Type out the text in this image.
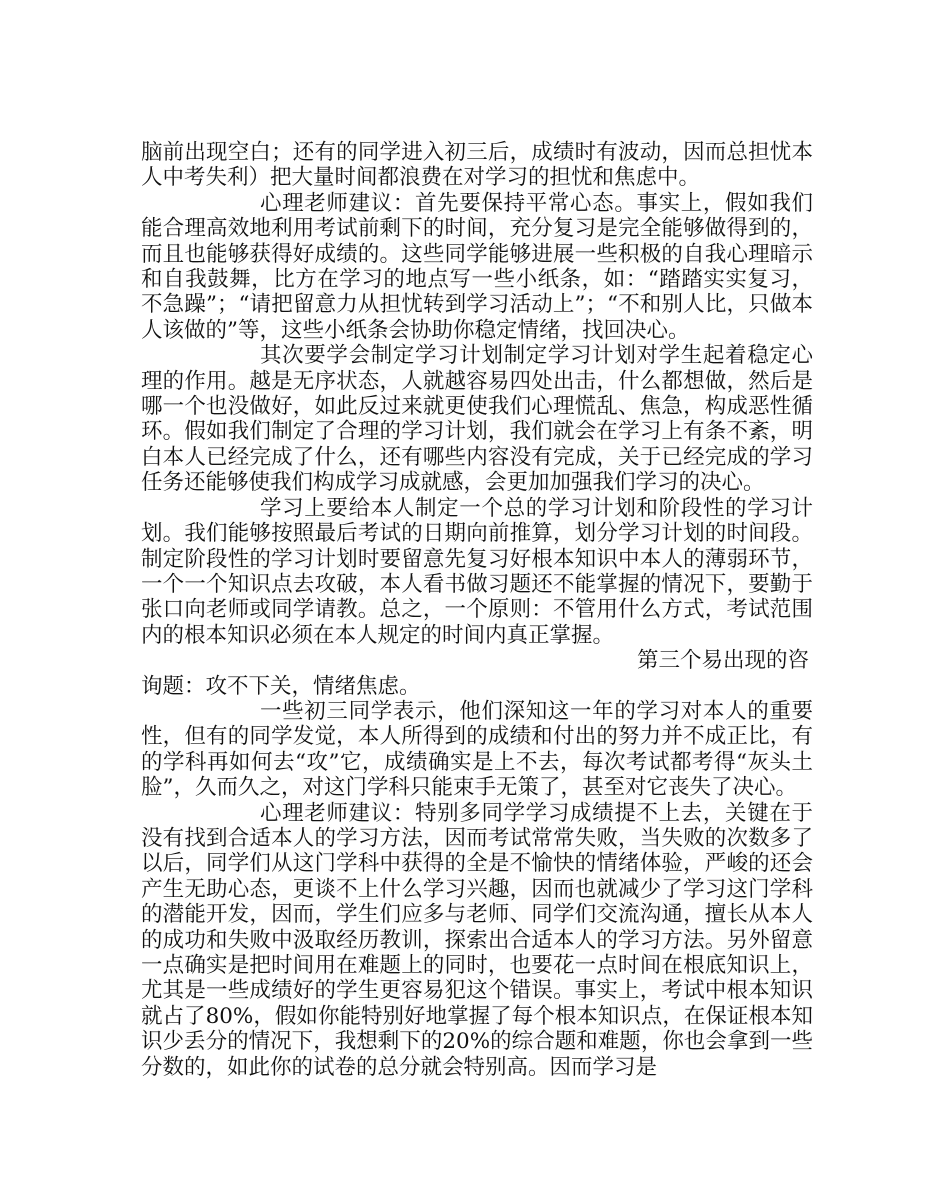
脑前出现空白；还有的同学进入初三后，成绩时有波动，因而总担忧本人中考失利）把大量时间都浪费在对学习的担忧和焦虑中。

心理老师建议：首先要保持平常心态。事实上，假如我们能合理高效地利用考试前剩下的时间，充分复习是完全能够做得到的，而且也能够获得好成绩的。这些同学能够进展一些积极的自我心理暗示和自我鼓舞，比方在学习的地点写一些小纸条，如：“踏踏实实复习，不急躁”；“请把留意力从担忧转到学习活动上”；“不和别人比，只做本人该做的”等，这些小纸条会协助你稳定情绪，找回决心。

其次要学会制定学习计划制定学习计划对学生起着稳定心理的作用。越是无序状态，人就越容易四处出击，什么都想做，然后是哪一个也没做好，如此反过来就更使我们心理慌乱、焦急，构成恶性循环。假如我们制定了合理的学习计划，我们就会在学习上有条不紊，明白本人已经完成了什么，还有哪些内容没有完成，关于已经完成的学习任务还能够使我们构成学习成就感，会更加加强我们学习的决心。

学习上要给本人制定一个总的学习计划和阶段性的学习计划。我们能够按照最后考试的日期向前推算，划分学习计划的时间段。制定阶段性的学习计划时要留意先复习好根本知识中本人的薄弱环节，一个一个知识点去攻破，本人看书做习题还不能掌握的情况下，要勤于张口向老师或同学请教。总之，一个原则：不管用什么方式，考试范围内的根本知识必须在本人规定的时间内真正掌握。

第三个易出现的咨

询题：攻不下关，情绪焦虑。

一些初三同学表示，他们深知这一年的学习对本人的重要性，但有的同学发觉，本人所得到的成绩和付出的努力并不成正比，有的学科再如何去“攻”它，成绩确实是上不去，每次考试都考得“灰头土脸”，久而久之，对这门学科只能束手无策了，甚至对它丧失了决心。

心理老师建议：特别多同学学习成绩提不上去，关键在于没有找到合适本人的学习方法，因而考试常常失败，当失败的次数多了以后，同学们从这门学科中获得的全是不愉快的情绪体验，严峻的还会产生无助心态，更谈不上什么学习兴趣，因而也就减少了学习这门学科的潜能开发，因而，学生们应多与老师、同学们交流沟通，擅长从本人的成功和失败中汲取经历教训，探索出合适本人的学习方法。另外留意一点确实是把时间用在难题上的同时，也要花一点时间在根底知识上，尤其是一些成绩好的学生更容易犯这个错误。事实上，考试中根本知识就占了80%，假如你能特别好地掌握了每个根本知识点，在保证根本知识少丢分的情况下，我想剩下的20%的综合题和难题，你也会拿到一些分数的，如此你的试卷的总分就会特别高。因而学习是
